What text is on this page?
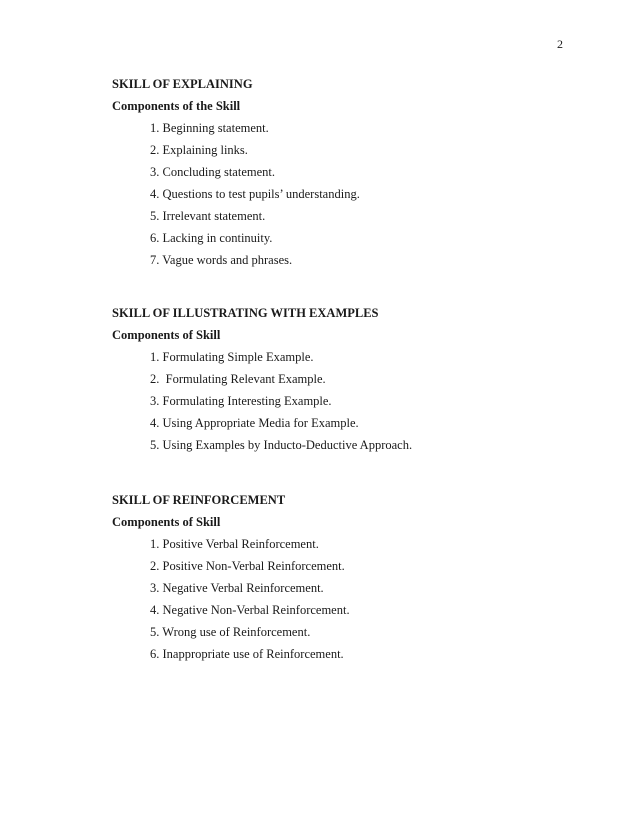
2

SKILL OF EXPLAINING

Components of the Skill

1. Beginning statement.
2. Explaining links.
3. Concluding statement.
4. Questions to test pupils’ understanding.
5. Irrelevant statement.
6. Lacking in continuity.
7. Vague words and phrases.

SKILL OF ILLUSTRATING WITH EXAMPLES

Components of Skill

1. Formulating Simple Example.
2.  Formulating Relevant Example.
3. Formulating Interesting Example.
4. Using Appropriate Media for Example.
5. Using Examples by Inducto-Deductive Approach.

SKILL OF REINFORCEMENT

Components of Skill

1. Positive Verbal Reinforcement.
2. Positive Non-Verbal Reinforcement.
3. Negative Verbal Reinforcement.
4. Negative Non-Verbal Reinforcement.
5. Wrong use of Reinforcement.
6. Inappropriate use of Reinforcement.
